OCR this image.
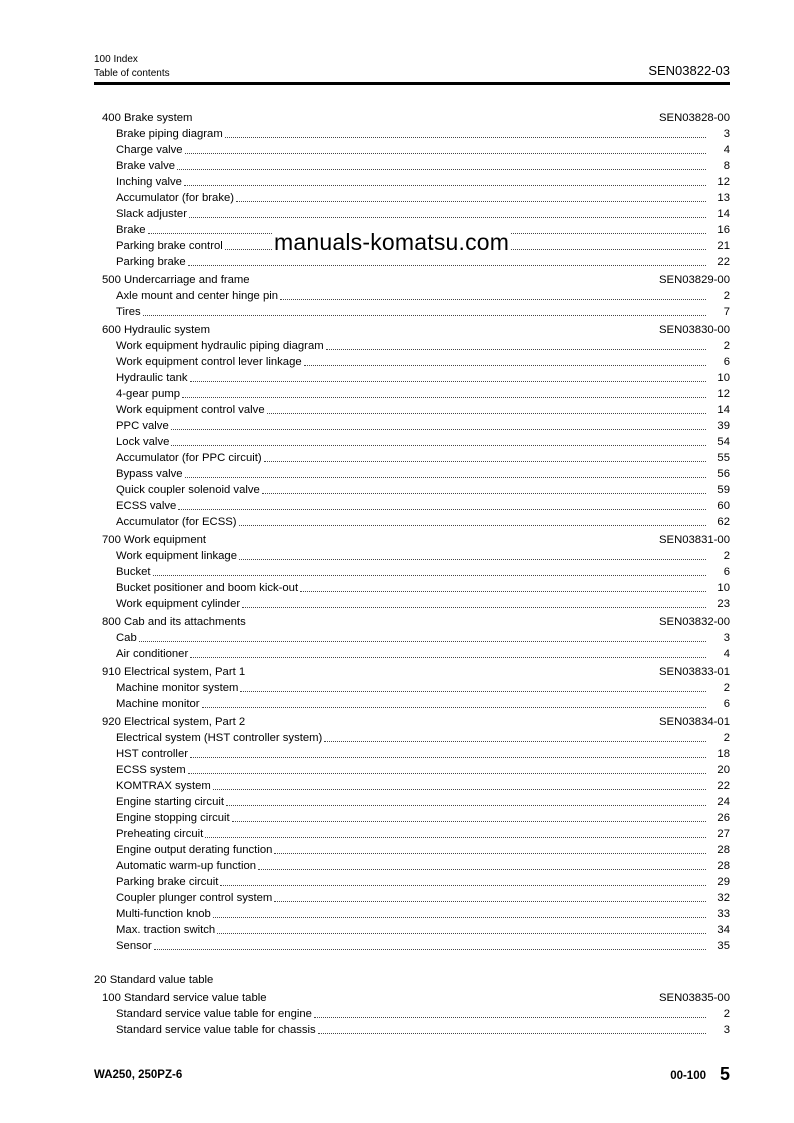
100 Index
Table of contents	SEN03822-03
400 Brake system	SEN03828-00
Brake piping diagram	3
Charge valve	4
Brake valve	8
Inching valve	12
Accumulator (for brake)	13
Slack adjuster	14
Brake	16
Parking brake control	21
Parking brake	22
500 Undercarriage and frame	SEN03829-00
Axle mount and center hinge pin	2
Tires	7
600 Hydraulic system	SEN03830-00
Work equipment hydraulic piping diagram	2
Work equipment control lever linkage	6
Hydraulic tank	10
4-gear pump	12
Work equipment control valve	14
PPC valve	39
Lock valve	54
Accumulator (for PPC circuit)	55
Bypass valve	56
Quick coupler solenoid valve	59
ECSS valve	60
Accumulator (for ECSS)	62
700 Work equipment	SEN03831-00
Work equipment linkage	2
Bucket	6
Bucket positioner and boom kick-out	10
Work equipment cylinder	23
800 Cab and its attachments	SEN03832-00
Cab	3
Air conditioner	4
910 Electrical system, Part 1	SEN03833-01
Machine monitor system	2
Machine monitor	6
920 Electrical system, Part 2	SEN03834-01
Electrical system (HST controller system)	2
HST controller	18
ECSS system	20
KOMTRAX system	22
Engine starting circuit	24
Engine stopping circuit	26
Preheating circuit	27
Engine output derating function	28
Automatic warm-up function	28
Parking brake circuit	29
Coupler plunger control system	32
Multi-function knob	33
Max. traction switch	34
Sensor	35
20 Standard value table
100 Standard service value table	SEN03835-00
Standard service value table for engine	2
Standard service value table for chassis	3
manuals-komatsu.com
WA250, 250PZ-6	00-100 5
